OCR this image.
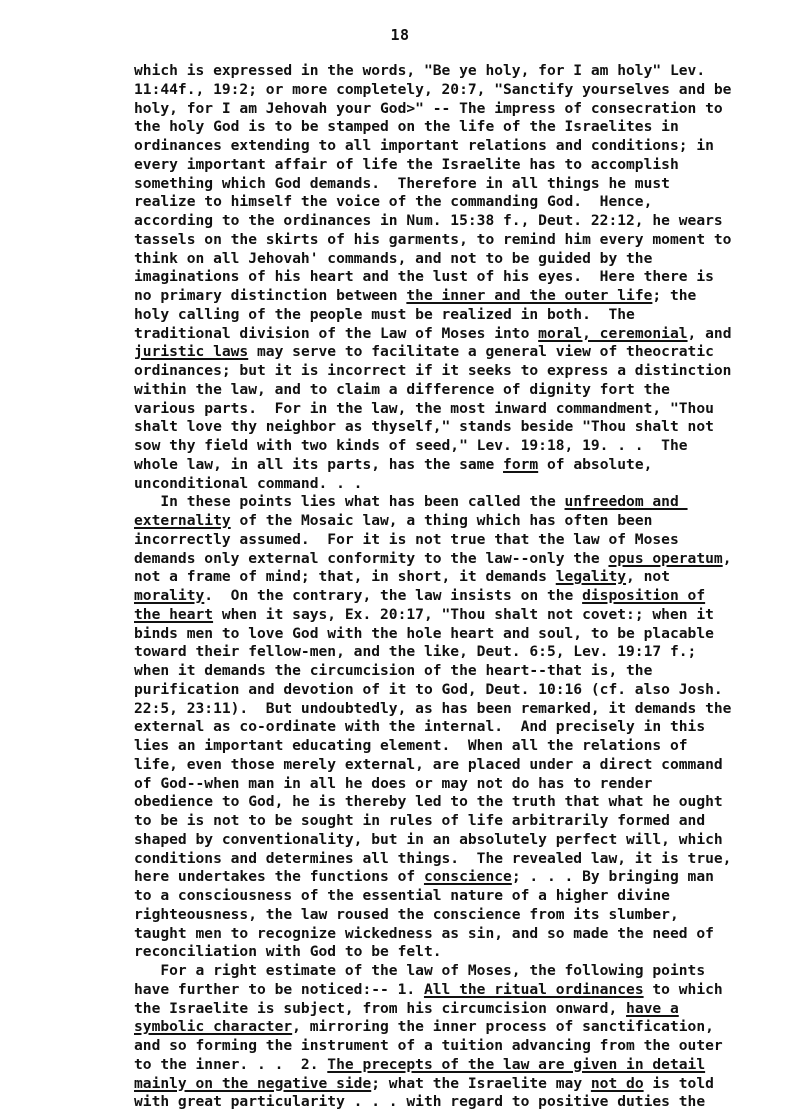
18
which is expressed in the words, "Be ye holy, for I am holy" Lev.
11:44f., 19:2; or more completely, 20:7, "Sanctify yourselves and be
holy, for I am Jehovah your God>" -- The impress of consecration to
the holy God is to be stamped on the life of the Israelites in
ordinances extending to all important relations and conditions; in
every important affair of life the Israelite has to accomplish
something which God demands.  Therefore in all things he must
realize to himself the voice of the commanding God.  Hence,
according to the ordinances in Num. 15:38 f., Deut. 22:12, he wears
tassels on the skirts of his garments, to remind him every moment to
think on all Jehovah' commands, and not to be guided by the
imaginations of his heart and the lust of his eyes.  Here there is
no primary distinction between the inner and the outer life; the
holy calling of the people must be realized in both.  The
traditional division of the Law of Moses into moral, ceremonial, and
juristic laws may serve to facilitate a general view of theocratic
ordinances; but it is incorrect if it seeks to express a distinction
within the law, and to claim a difference of dignity fort the
various parts.  For in the law, the most inward commandment, "Thou
shalt love thy neighbor as thyself," stands beside "Thou shalt not
sow thy field with two kinds of seed," Lev. 19:18, 19. . .  The
whole law, in all its parts, has the same form of absolute,
unconditional command. . .
In these points lies what has been called the unfreedom and
externality of the Mosaic law, a thing which has often been
incorrectly assumed.  For it is not true that the law of Moses
demands only external conformity to the law--only the opus operatum,
not a frame of mind; that, in short, it demands legality, not
morality.  On the contrary, the law insists on the disposition of
the heart when it says, Ex. 20:17, "Thou shalt not covet:; when it
binds men to love God with the hole heart and soul, to be placable
toward their fellow-men, and the like, Deut. 6:5, Lev. 19:17 f.;
when it demands the circumcision of the heart--that is, the
purification and devotion of it to God, Deut. 10:16 (cf. also Josh.
22:5, 23:11).  But undoubtedly, as has been remarked, it demands the
external as co-ordinate with the internal.  And precisely in this
lies an important educating element.  When all the relations of
life, even those merely external, are placed under a direct command
of God--when man in all he does or may not do has to render
obedience to God, he is thereby led to the truth that what he ought
to be is not to be sought in rules of life arbitrarily formed and
shaped by conventionality, but in an absolutely perfect will, which
conditions and determines all things.  The revealed law, it is true,
here undertakes the functions of conscience; . . . By bringing man
to a consciousness of the essential nature of a higher divine
righteousness, the law roused the conscience from its slumber,
taught men to recognize wickedness as sin, and so made the need of
reconciliation with God to be felt.
For a right estimate of the law of Moses, the following points
have further to be noticed:-- 1. All the ritual ordinances to which
the Israelite is subject, from his circumcision onward, have a
symbolic character, mirroring the inner process of sanctification,
and so forming the instrument of a tuition advancing from the outer
to the inner. . .  2. The precepts of the law are given in detail
mainly on the negative side; what the Israelite may not do is told
with great particularity . . . with regard to positive duties the
